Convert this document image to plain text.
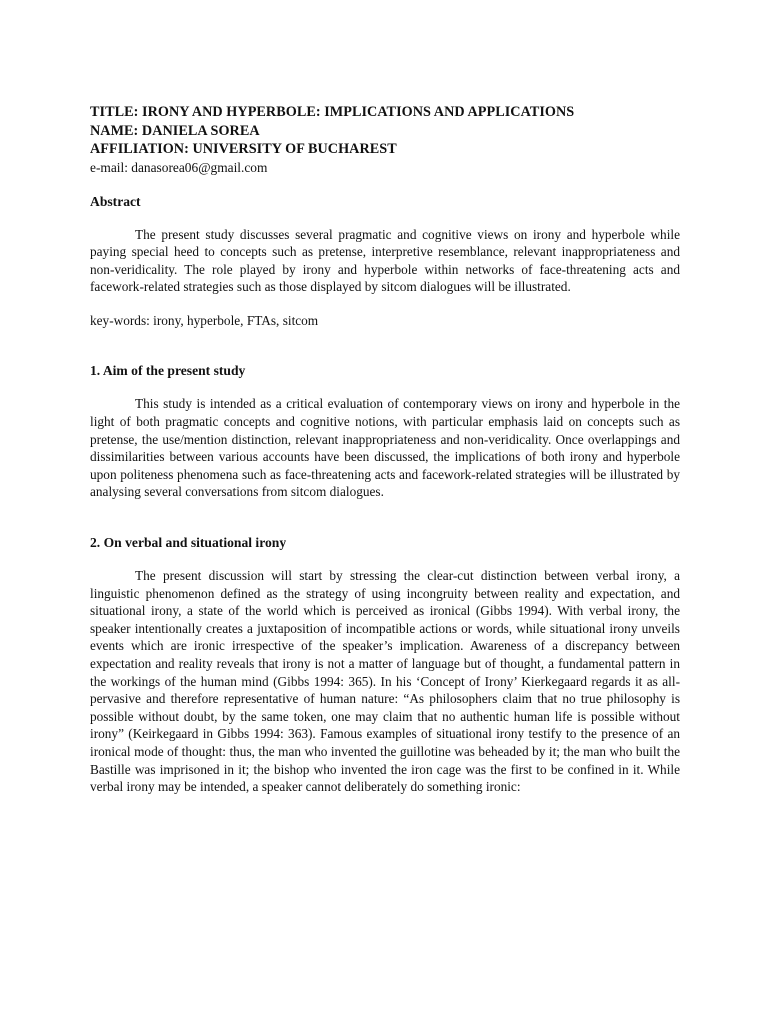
TITLE: IRONY AND HYPERBOLE: IMPLICATIONS AND APPLICATIONS

NAME: DANIELA SOREA

AFFILIATION: UNIVERSITY OF BUCHAREST

e-mail: danasorea06@gmail.com

Abstract

The present study discusses several pragmatic and cognitive views on irony and hyperbole while paying special heed to concepts such as pretense, interpretive resemblance, relevant inappropriateness and non-veridicality. The role played by irony and hyperbole within networks of face-threatening acts and facework-related strategies such as those displayed by sitcom dialogues will be illustrated.

key-words: irony, hyperbole, FTAs, sitcom

1. Aim of the present study

This study is intended as a critical evaluation of contemporary views on irony and hyperbole in the light of both pragmatic concepts and cognitive notions, with particular emphasis laid on concepts such as pretense, the use/mention distinction, relevant inappropriateness and non-veridicality. Once overlappings and dissimilarities between various accounts have been discussed, the implications of both irony and hyperbole upon politeness phenomena such as face-threatening acts and facework-related strategies will be illustrated by analysing several conversations from sitcom dialogues.

2. On verbal and situational irony

The present discussion will start by stressing the clear-cut distinction between verbal irony, a linguistic phenomenon defined as the strategy of using incongruity between reality and expectation, and situational irony, a state of the world which is perceived as ironical (Gibbs 1994). With verbal irony, the speaker intentionally creates a juxtaposition of incompatible actions or words, while situational irony unveils events which are ironic irrespective of the speaker’s implication. Awareness of a discrepancy between expectation and reality reveals that irony is not a matter of language but of thought, a fundamental pattern in the workings of the human mind (Gibbs 1994: 365). In his ‘Concept of Irony’ Kierkegaard regards it as all-pervasive and therefore representative of human nature: “As philosophers claim that no true philosophy is possible without doubt, by the same token, one may claim that no authentic human life is possible without irony” (Keirkegaard in Gibbs 1994: 363). Famous examples of situational irony testify to the presence of an ironical mode of thought: thus, the man who invented the guillotine was beheaded by it; the man who built the Bastille was imprisoned in it; the bishop who invented the iron cage was the first to be confined in it. While verbal irony may be intended, a speaker cannot deliberately do something ironic:
